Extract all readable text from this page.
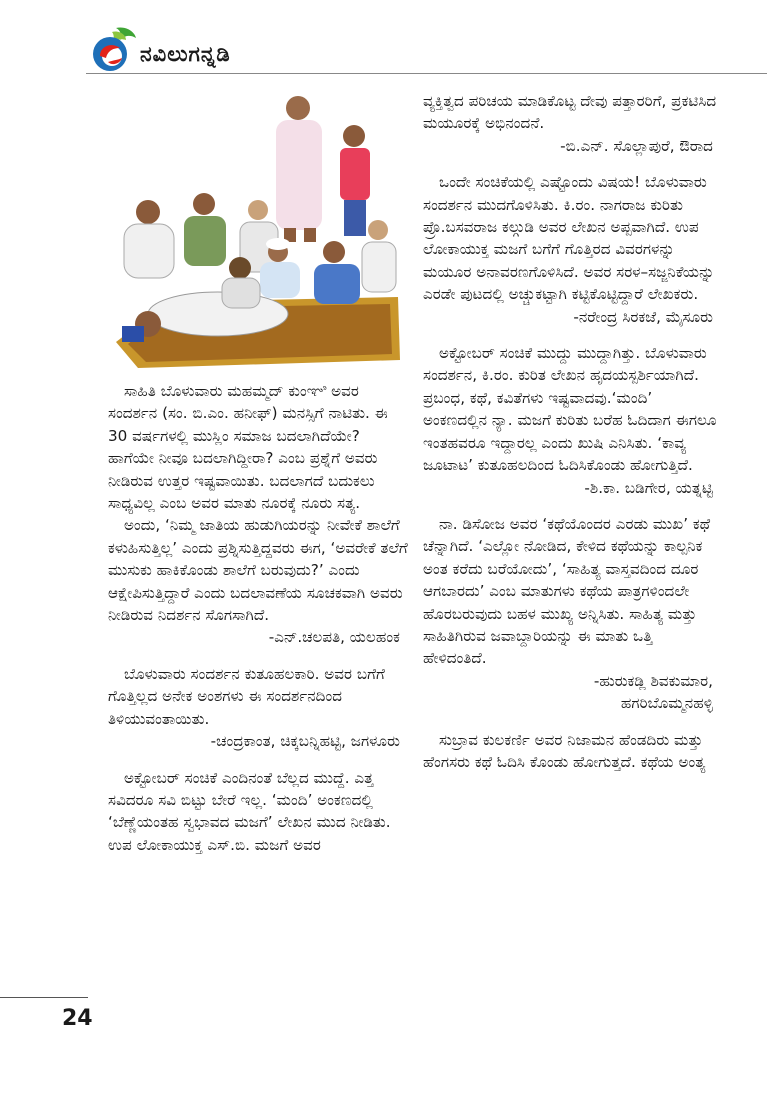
ನವಿಲುಗನ್ನಡಿ

ಸಾಹಿತಿ ಬೊಳುವಾರು ಮಹಮ್ಮದ್ ಕುಂಞಿ ಅವರ ಸಂದರ್ಶನ (ಸಂ. ಬಿ.ಎಂ. ಹನೀಫ್) ಮನಸ್ಸಿಗೆ ನಾಟಿತು. ಈ 30 ವರ್ಷಗಳಲ್ಲಿ ಮುಸ್ಲಿಂ ಸಮಾಜ ಬದಲಾಗಿದೆಯೇ? ಹಾಗೆಯೇ ನೀವೂ ಬದಲಾಗಿದ್ದೀರಾ? ಎಂಬ ಪ್ರಶ್ನೆಗೆ ಅವರು ನೀಡಿರುವ ಉತ್ತರ ಇಷ್ಟವಾಯಿತು. ಬದಲಾಗದೆ ಬದುಕಲು ಸಾಧ್ಯವಿಲ್ಲ ಎಂಬ ಅವರ ಮಾತು ನೂರಕ್ಕೆ ನೂರು ಸತ್ಯ.

ಅಂದು, ‘ನಿಮ್ಮ ಜಾತಿಯ ಹುಡುಗಿಯರನ್ನು ನೀವೇಕೆ ಶಾಲೆಗೆ ಕಳುಹಿಸುತ್ತಿಲ್ಲ’ ಎಂದು ಪ್ರಶ್ನಿಸುತ್ತಿದ್ದವರು ಈಗ, ‘ಅವರೇಕೆ ತಲೆಗೆ ಮುಸುಕು ಹಾಕಿಕೊಂಡು ಶಾಲೆಗೆ ಬರುವುದು?’ ಎಂದು ಆಕ್ಷೇಪಿಸುತ್ತಿದ್ದಾರೆ ಎಂದು ಬದಲಾವಣೆಯ ಸೂಚಕವಾಗಿ ಅವರು ನೀಡಿರುವ ನಿದರ್ಶನ ಸೊಗಸಾಗಿದೆ.

-ಎನ್.ಚಲಪತಿ, ಯಲಹಂಕ

ಬೊಳುವಾರು ಸಂದರ್ಶನ ಕುತೂಹಲಕಾರಿ. ಅವರ ಬಗೆಗೆ ಗೊತ್ತಿಲ್ಲದ ಅನೇಕ ಅಂಶಗಳು ಈ ಸಂದರ್ಶನದಿಂದ ತಿಳಿಯುವಂತಾಯಿತು.

-ಚಂದ್ರಕಾಂತ, ಚಿಕ್ಕಬನ್ನಿಹಟ್ಟಿ, ಜಗಳೂರು

ಅಕ್ಟೋಬರ್ ಸಂಚಿಕೆ ಎಂದಿನಂತೆ ಬೆಲ್ಲದ ಮುದ್ದೆ. ಎತ್ತ ಸವಿದರೂ ಸವಿ ಬಿಟ್ಟು ಬೇರೆ ಇಲ್ಲ. ‘ಮಂದಿ’ ಅಂಕಣದಲ್ಲಿ ‘ಬೆಣ್ಣೆಯಂತಹ ಸ್ವಭಾವದ ಮಜಗೆ’ ಲೇಖನ ಮುದ ನೀಡಿತು. ಉಪ ಲೋಕಾಯುಕ್ತ ಎಸ್.ಬಿ. ಮಜಗೆ ಅವರ

ವ್ಯಕ್ತಿತ್ವದ ಪರಿಚಯ ಮಾಡಿಕೊಟ್ಟ ದೇವು ಪತ್ತಾರರಿಗೆ, ಪ್ರಕಟಿಸಿದ ಮಯೂರಕ್ಕೆ ಅಭಿನಂದನೆ.

-ಬಿ.ಎನ್. ಸೊಲ್ಲಾಪುರೆ, ಔರಾದ

ಒಂದೇ ಸಂಚಿಕೆಯಲ್ಲಿ ಎಷ್ಟೊಂದು ವಿಷಯ! ಬೊಳುವಾರು ಸಂದರ್ಶನ ಮುದಗೊಳಿಸಿತು. ಕಿ.ರಂ. ನಾಗರಾಜ ಕುರಿತು ಪ್ರೊ.ಬಸವರಾಜ ಕಲ್ಗುಡಿ ಅವರ ಲೇಖನ ಅಪ್ಪವಾಗಿದೆ. ಉಪ ಲೋಕಾಯುಕ್ತ ಮಜಗೆ ಬಗೆಗೆ ಗೊತ್ತಿರದ ವಿವರಗಳನ್ನು ಮಯೂರ ಅನಾವರಣಗೊಳಿಸಿದೆ. ಅವರ ಸರಳ–ಸಜ್ಜನಿಕೆಯನ್ನು ಎರಡೇ ಪುಟದಲ್ಲಿ ಅಚ್ಚುಕಟ್ಟಾಗಿ ಕಟ್ಟಿಕೊಟ್ಟಿದ್ದಾರೆ ಲೇಖಕರು.

-ನರೇಂದ್ರ ಸಿರಕಜೆ, ಮೈಸೂರು

ಅಕ್ಟೋಬರ್ ಸಂಚಿಕೆ ಮುದ್ದು ಮುದ್ದಾಗಿತ್ತು. ಬೊಳುವಾರು ಸಂದರ್ಶನ, ಕಿ.ರಂ. ಕುರಿತ ಲೇಖನ ಹೃದಯಸ್ಪರ್ಶಿಯಾಗಿದೆ. ಪ್ರಬಂಧ, ಕಥೆ, ಕವಿತೆಗಳು ಇಷ್ಟವಾದವು.‘ಮಂದಿ’ ಅಂಕಣದಲ್ಲಿನ ನ್ಯಾ. ಮಜಗೆ ಕುರಿತು ಬರೆಹ ಓದಿದಾಗ ಈಗಲೂ ಇಂತಹವರೂ ಇದ್ದಾರಲ್ಲ ಎಂದು ಖುಷಿ ಎನಿಸಿತು. ‘ಕಾವ್ಯ ಜೂಟಾಟ’ ಕುತೂಹಲದಿಂದ ಓದಿಸಿಕೊಂಡು ಹೋಗುತ್ತಿದೆ.

-ಶಿ.ಕಾ. ಬಡಿಗೇರ, ಯತ್ನಟ್ಟಿ

ನಾ. ಡಿಸೋಜ ಅವರ ‘ಕಥೆಯೊಂದರ ಎರಡು ಮುಖ’ ಕಥೆ ಚೆನ್ನಾಗಿದೆ. ‘ಎಲ್ಲೋ ನೋಡಿದ, ಕೇಳಿದ ಕಥೆಯನ್ನು ಕಾಲ್ಪನಿಕ ಅಂತ ಕರೆದು ಬರೆಯೋದು’, ‘ಸಾಹಿತ್ಯ ವಾಸ್ತವದಿಂದ ದೂರ ಆಗಬಾರದು’ ಎಂಬ ಮಾತುಗಳು ಕಥೆಯ ಪಾತ್ರಗಳಿಂದಲೇ ಹೊರಬರುವುದು ಬಹಳ ಮುಖ್ಯ ಅನ್ನಿಸಿತು. ಸಾಹಿತ್ಯ ಮತ್ತು ಸಾಹಿತಿಗಿರುವ ಜವಾಬ್ದಾರಿಯನ್ನು ಈ ಮಾತು ಒತ್ತಿ ಹೇಳಿದಂತಿದೆ.

-ಹುರುಕಡ್ಲಿ ಶಿವಕುಮಾರ,
ಹಗರಿಬೊಮ್ಮನಹಳ್ಳಿ

ಸುಬ್ರಾವ ಕುಲಕರ್ಣಿ ಅವರ ನಿಜಾಮನ ಹೆಂಡದಿರು ಮತ್ತು ಹೆಂಗಸರು ಕಥೆ ಓದಿಸಿ ಕೊಂಡು ಹೋಗುತ್ತದೆ. ಕಥೆಯ ಅಂತ್ಯ

24
